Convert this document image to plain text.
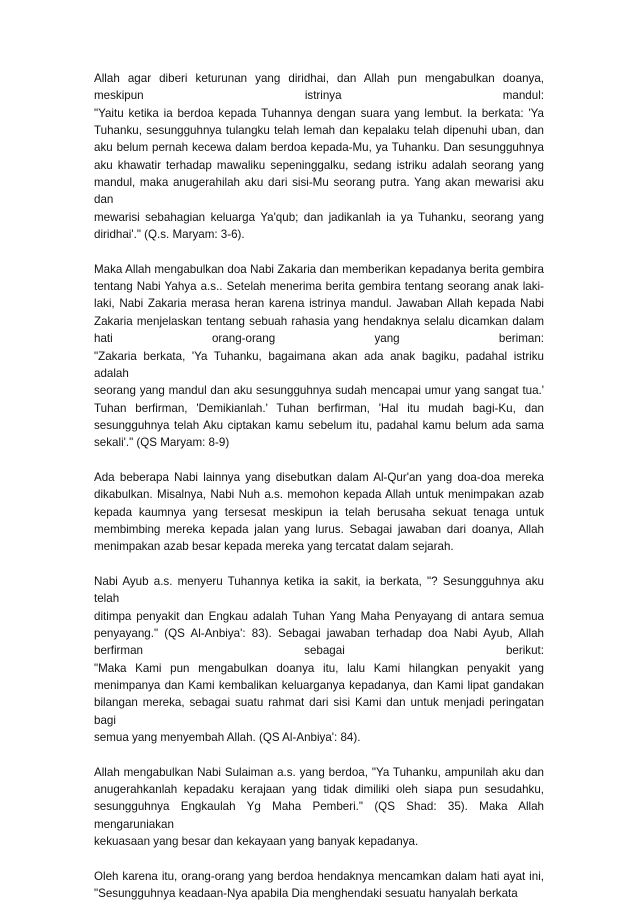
Allah agar diberi keturunan yang diridhai, dan Allah pun mengabulkan doanya,
meskipun istrinya mandul:
"Yaitu ketika ia berdoa kepada Tuhannya dengan suara yang lembut. Ia berkata: 'Ya
Tuhanku, sesungguhnya tulangku telah lemah dan kepalaku telah dipenuhi uban, dan
aku belum pernah kecewa dalam berdoa kepada-Mu, ya Tuhanku. Dan sesungguhnya
aku khawatir terhadap mawaliku sepeninggalku, sedang istriku adalah seorang yang
mandul, maka anugerahilah aku dari sisi-Mu seorang putra. Yang akan mewarisi aku dan
mewarisi sebahagian keluarga Ya'qub; dan jadikanlah ia ya Tuhanku, seorang yang
diridhai'." (Q.s. Maryam: 3-6).

Maka Allah mengabulkan doa Nabi Zakaria dan memberikan kepadanya berita gembira
tentang Nabi Yahya a.s.. Setelah menerima berita gembira tentang seorang anak laki-
laki, Nabi Zakaria merasa heran karena istrinya mandul. Jawaban Allah kepada Nabi
Zakaria menjelaskan tentang sebuah rahasia yang hendaknya selalu dicamkan dalam
hati orang-orang yang beriman:
"Zakaria berkata, 'Ya Tuhanku, bagaimana akan ada anak bagiku, padahal istriku adalah
seorang yang mandul dan aku sesungguhnya sudah mencapai umur yang sangat tua.'
Tuhan berfirman, 'Demikianlah.' Tuhan berfirman, 'Hal itu mudah bagi-Ku, dan
sesungguhnya telah Aku ciptakan kamu sebelum itu, padahal kamu belum ada sama
sekali'." (QS Maryam: 8-9)

Ada beberapa Nabi lainnya yang disebutkan dalam Al-Qur'an yang doa-doa mereka
dikabulkan. Misalnya, Nabi Nuh a.s. memohon kepada Allah untuk menimpakan azab
kepada kaumnya yang tersesat meskipun ia telah berusaha sekuat tenaga untuk
membimbing mereka kepada jalan yang lurus. Sebagai jawaban dari doanya, Allah
menimpakan azab besar kepada mereka yang tercatat dalam sejarah.

Nabi Ayub a.s. menyeru Tuhannya ketika ia sakit, ia berkata, "? Sesungguhnya aku telah
ditimpa penyakit dan Engkau adalah Tuhan Yang Maha Penyayang di antara semua
penyayang." (QS Al-Anbiya': 83). Sebagai jawaban terhadap doa Nabi Ayub, Allah
berfirman sebagai berikut:
"Maka Kami pun mengabulkan doanya itu, lalu Kami hilangkan penyakit yang
menimpanya dan Kami kembalikan keluarganya kepadanya, dan Kami lipat gandakan
bilangan mereka, sebagai suatu rahmat dari sisi Kami dan untuk menjadi peringatan bagi
semua yang menyembah Allah. (QS Al-Anbiya': 84).

Allah mengabulkan Nabi Sulaiman a.s. yang berdoa, "Ya Tuhanku, ampunilah aku dan
anugerahkanlah kepadaku kerajaan yang tidak dimiliki oleh siapa pun sesudahku,
sesungguhnya Engkaulah Yg Maha Pemberi." (QS Shad: 35). Maka Allah mengaruniakan
kekuasaan yang besar dan kekayaan yang banyak kepadanya.

Oleh karena itu, orang-orang yang berdoa hendaknya mencamkan dalam hati ayat ini,
"Sesungguhnya keadaan-Nya apabila Dia menghendaki sesuatu hanyalah berkata
